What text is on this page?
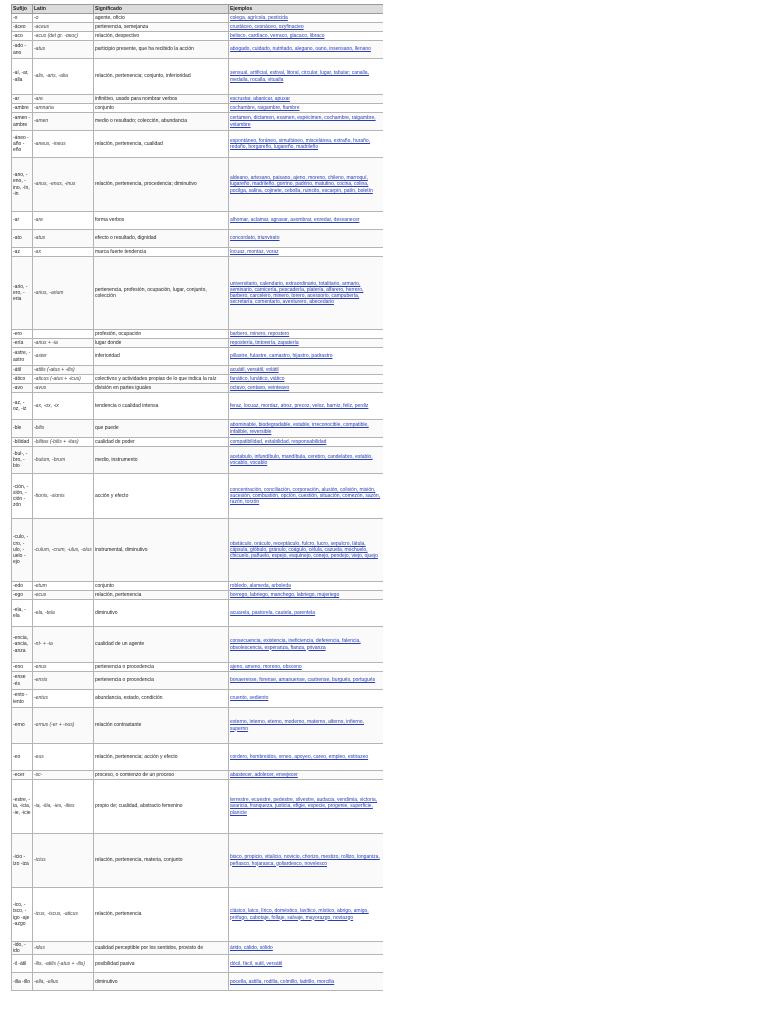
Sufijo	Latín	Significado	Ejemplos
-o	-o	agente, oficio	colega, agrícola, pesticida
-áceo	-aceus	pertenencia, semejanza	crustáceo, cesnáceo, ozyfinacieo
-aco	-acus (del gr. -ακος)	relación, despectivo	belisco, cardíaco, verraco, glacaco, libraco
-ado -ano	-atus	participio presente, que ha recibido la acción	abogado, cuidado, nutritado, alegano, oano, insensano, llenano
-al, -ar, -alla	-alis, -aris, -alia	relación, pertenencia; conjunto, inferioridad	sensual, artificial, estival, litoral, circular, lugar, tabular; canalla, medalla, rocalla, vitualla
-ar	-are	infinitivo, usado para nombrar verbos	escrustar, abanicar, apuxar
-ambre	-amnaria	conjunto	cochambre, raigambre, fiambre
-amen -ambre	-amen	medio o resultado; colección, abundancia	certamen, dictamen, examen, espécimen, cochambre, raigambre, velambre
-áneo -año -eño	-aneus, -ineus	relación, pertenencia, cualidad	espontáneo, foráneo, simultáneo, miscelánea, extraño, huraño, redaño, borgareño, lugareño, madrileño
-ano, -eno, -ino, -ín, -in	-anus, -enus, -inus	relación, pertenencia, procedencia; diminutivo	aldeano, artesano, paisano, ajeno, moreno, chileno, marroquí, lugareño, madrileño, gorrino, padrino, matutino, cocina, colina, pocilga, salina, cojinete, cebolla, ruincito, escarpín, patín, boletín
-ar	-are	forma verbos	alhomar, aclamar, agravar, asombrar, enredar, desvanecer
-ato	-atus	efecto o resultado, dignidad	concordato, triunvirato
-az	-ax	marca fuerte tendencia	locuaz, montaz, voraz
-ario, -ero, -eria	-arius, -arium	pertenencia, profesión, ocupación, lugar, conjunto, colección	universitario, calendario, extraordinario, totalitario, armario, seminario, carnicería, pescadería, platería, alfarero, herrero, barbero, carcelero, minero, torero, acessorio, campubería, secretaría, comentario, aventurero, abecedario
-ero		profesión, ocupación	barbero, minero, repostero
-ería	-arius + -ia	lugar donde	repostería, tintorería, zapatería
-astre, -astro	-aster	inferioridad	pillastre, fulastre, camastro, hijastro, padrastro
-átil	-atilis (-atus + -ilis)		acuátil, versátil, volátil
-ático	-aticus (-atus + -icus)	colectivos y actividades propias de lo que indica la raíz	fanático, lunático, viático
-avo	-avus	división en partes iguales	octavo, centavo, veinteavo
-az, -oz, -iz	-ax, -ox, -ix	tendencia o cualidad intensa	feraz, locuaz, mordaz, atroz, precoz, veloz, barniz, feliz, perdiz
-ble	-bilis	que puede	abominable, biodegradable, estable, irreconocible, compatible, infalible, reversible
-bilidad	-bilitas (-bilis + -itas)	cualidad de poder	compatibilidad, estabilidad, responsabilidad
-bul-, -bro, -bio	-bulum, -brum	medio, instrumento	acetabulo, infundíbulo, mandíbula, cerebro, candelabro, establo, vocablo, vocablo
-ción, -sión, -ción -zón	-tionis, -sionis	acción y efecto	concentración, conciliación, corporación, alusión, colisión, misión, sucesión, combustión, opción, cuestión, situación, comezón, sazón, razón, torzón
-culo, -cro, -ulo, -uelo -ejo	-culum, -crum, -ulus, -olus	instrumental, diminutivo	obstáculo, oráculo, receptáculo, fulcro, lucro, sepulcro, látula, cápsula, glóbulo, gránulo, coágulo, célula, cazuela, mochuelo, chicuelo, pañuelo, espejo, esquinejo, conejo, pendejo, viejo, ojuejo
-edo	-etum	conjunto	robledo, alameda, arboleda
-ego	-ecus	relación, pertenencia	borrego, labriego, manchego, labriego, mujeriego
-ela, -ela	-ela, -tela	diminutivo	acuarela, pastorela, cautela, parentela
-encia, -ancia, -anza	-nt- + -ia	cualidad de un agente	consecuencia, existencia, ineficiencia, deferencia, falencia, obsolescencia, esperanza, fianza, privanza
-eno	-enus	pertenencia o procedencia	ajeno, ameno, moreno, obsceno
-ense -és	-ensis	pertenencia o procedencia	bonaerense, forense, amanuense, castrense, burgués, portugués
-ento -iento	-entus	abundancia, estado, condición	cruento, sediento
-erno	-ernus (-er + -nus)	relación contrastante	externo, interno, eterno, moderno, materno, alterno, infierno, superno
-eo	-eus	relación, pertenencia; acción y efecto	cordero, hombreidos, orneo, apoyeo, careo, empleo, estirazeo
-ecer	-sc-	proceso, o comienzo de un proceso	abastecer, adolecer, envejecer
-estre, -ia, -icia, -ie, -icie	-ia, -itia, -ies, -ities	propio de; cualidad, abstracto femenino	terrestre, ecuestre, pedestre, silvestre, audacia, vendimia, victoria, avaricia, franqueza, justicia, efigie, especie, progenie, superficie, planicie
-icio -izo -iza	-icius	relación, pertenencia, materia, conjunto	bisco, propicio, vitalicio, novicio, chorizo, mestizo, rollizo, longaniza, peñasco, hojarasca, goliardesco, novelesco
-ico, -isco, -igo -aje -azgo	-icus, -iscus, -aticus	relación, pertenencia	clásico, laico, lírico, doméstico, lavítico, místico, abrigo, amigo, prófugo, cabotaje, follaje, salvaje, mayorazgo, noviazgo
-ido, -ido	-idus	cualidad perceptible por los sentidos, provisto de	árido, cálido, sólido
-il -átil	-ilis, -atilis (-atus + -ilis)	posibilidad pasiva	dócil, fácil, sutil, versátil
-illa -illo	-ella, -ellus	diminutivo	pocella, astilla, rodilla, colmillo, ladrillo, morcilla
